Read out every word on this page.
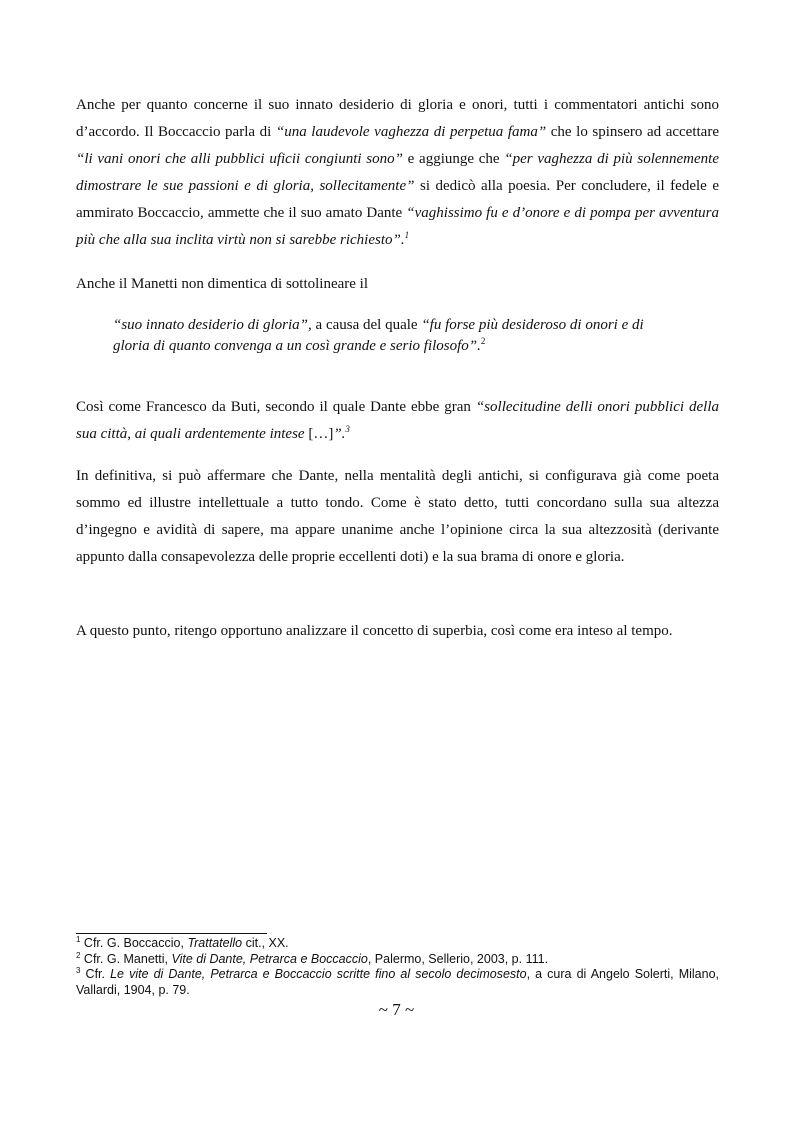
Anche per quanto concerne il suo innato desiderio di gloria e onori, tutti i commentatori antichi sono d’accordo. Il Boccaccio parla di “una laudevole vaghezza di perpetua fama” che lo spinsero ad accettare “li vani onori che alli pubblici uficii congiunti sono” e aggiunge che “per vaghezza di più solennemente dimostrare le sue passioni e di gloria, sollecitamente” si dedicò alla poesia. Per concludere, il fedele e ammirato Boccaccio, ammette che il suo amato Dante “vaghissimo fu e d’onore e di pompa per avventura più che alla sua inclita virtù non si sarebbe richiesto”.$^1$

Anche il Manetti non dimentica di sottolineare il

“suo innato desiderio di gloria”, a causa del quale “fu forse più desideroso di onori e di gloria di quanto convenga a un così grande e serio filosofo”.$^2$

Così come Francesco da Buti, secondo il quale Dante ebbe gran “sollecitudine delli onori pubblici della sua città, ai quali ardentemente intese […]”.$^3$

In definitiva, si può affermare che Dante, nella mentalità degli antichi, si configurava già come poeta sommo ed illustre intellettuale a tutto tondo. Come è stato detto, tutti concordano sulla sua altezza d’ingegno e avidità di sapere, ma appare unanime anche l’opinione circa la sua altezzosità (derivante appunto dalla consapevolezza delle proprie eccellenti doti) e la sua brama di onore e gloria.

A questo punto, ritengo opportuno analizzare il concetto di superbia, così come era inteso al tempo.

$^1$ Cfr. G. Boccaccio, Trattatello cit., XX.
$^2$ Cfr. G. Manetti, Vite di Dante, Petrarca e Boccaccio, Palermo, Sellerio, 2003, p. 111.
$^3$ Cfr. Le vite di Dante, Petrarca e Boccaccio scritte fino al secolo decimosesto, a cura di Angelo Solerti, Milano, Vallardi, 1904, p. 79.
~ 7 ~
